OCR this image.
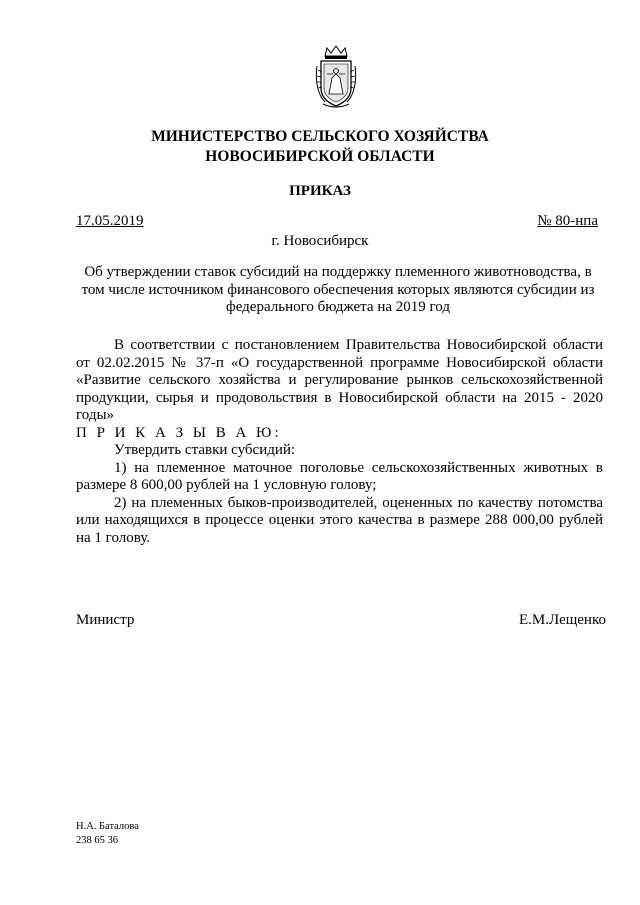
МИНИСТЕРСТВО СЕЛЬСКОГО ХОЗЯЙСТВА
НОВОСИБИРСКОЙ ОБЛАСТИ
ПРИКАЗ
17.05.2019	№ 80-нпа
г. Новосибирск
Об утверждении ставок субсидий на поддержку племенного животноводства, в том числе источником финансового обеспечения которых являются субсидии из федерального бюджета на 2019 год

В соответствии с постановлением Правительства Новосибирской области от 02.02.2015 № 37-п «О государственной программе Новосибирской области «Развитие сельского хозяйства и регулирование рынков сельскохозяйственной продукции, сырья и продовольствия в Новосибирской области на 2015 - 2020 годы»

П Р И К А З Ы В А Ю:

Утвердить ставки субсидий:

1) на племенное маточное поголовье сельскохозяйственных животных в размере 8 600,00 рублей на 1 условную голову;

2) на племенных быков-производителей, оцененных по качеству потомства или находящихся в процессе оценки этого качества в размере 288 000,00 рублей на 1 голову.

Министр	Е.М.Лещенко
Н.А. Баталова
238 65 36
